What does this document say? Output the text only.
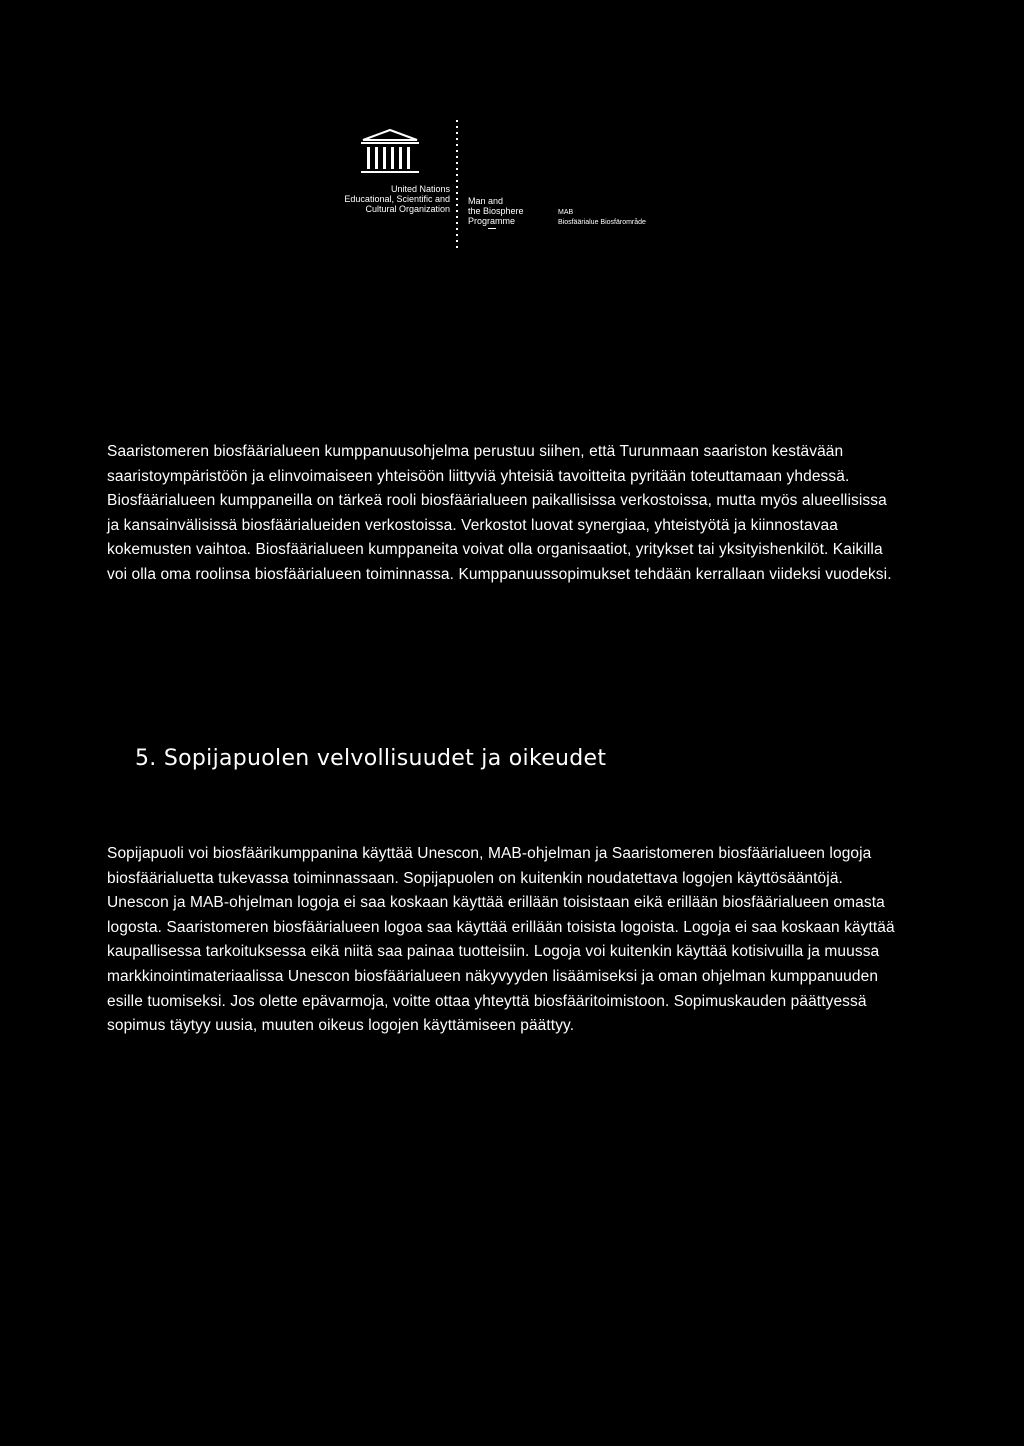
United Nations
Educational, Scientific and
Cultural Organization
Man and
the Biosphere
Programme
MAB
Biosfäärialue Biosfärområde

Saaristomeren biosfäärialueen kumppanuusohjelma perustuu siihen, että Turunmaan saariston kestävään saaristoympäristöön ja elinvoimaiseen yhteisöön liittyviä yhteisiä tavoitteita pyritään toteuttamaan yhdessä. Biosfäärialueen kumppaneilla on tärkeä rooli biosfäärialueen paikallisissa verkostoissa, mutta myös alueellisissa ja kansainvälisissä biosfäärialueiden verkostoissa. Verkostot luovat synergiaa, yhteistyötä ja kiinnostavaa kokemusten vaihtoa. Biosfäärialueen kumppaneita voivat olla organisaatiot, yritykset tai yksityishenkilöt. Kaikilla voi olla oma roolinsa biosfäärialueen toiminnassa. Kumppanuussopimukset tehdään kerrallaan viideksi vuodeksi.

5. Sopijapuolen velvollisuudet ja oikeudet

Sopijapuoli voi biosfäärikumppanina käyttää Unescon, MAB-ohjelman ja Saaristomeren biosfäärialueen logoja biosfäärialuetta tukevassa toiminnassaan. Sopijapuolen on kuitenkin noudatettava logojen käyttösääntöjä. Unescon ja MAB-ohjelman logoja ei saa koskaan käyttää erillään toisistaan eikä erillään biosfäärialueen omasta logosta. Saaristomeren biosfäärialueen logoa saa käyttää erillään toisista logoista. Logoja ei saa koskaan käyttää kaupallisessa tarkoituksessa eikä niitä saa painaa tuotteisiin. Logoja voi kuitenkin käyttää kotisivuilla ja muussa markkinointimateriaalissa Unescon biosfäärialueen näkyvyyden lisäämiseksi ja oman ohjelman kumppanuuden esille tuomiseksi. Jos olette epävarmoja, voitte ottaa yhteyttä biosfääritoimistoon. Sopimuskauden päättyessä sopimus täytyy uusia, muuten oikeus logojen käyttämiseen päättyy.
